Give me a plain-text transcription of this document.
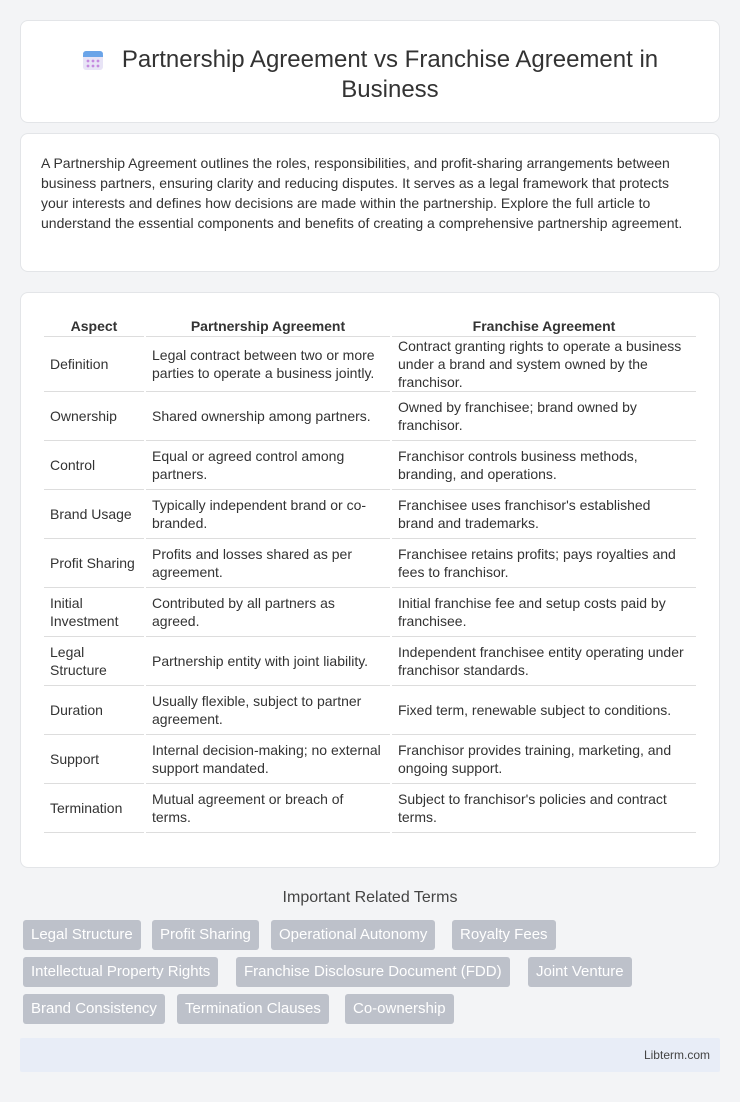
Partnership Agreement vs Franchise Agreement in Business

A Partnership Agreement outlines the roles, responsibilities, and profit-sharing arrangements between business partners, ensuring clarity and reducing disputes. It serves as a legal framework that protects your interests and defines how decisions are made within the partnership. Explore the full article to understand the essential components and benefits of creating a comprehensive partnership agreement.

Aspect	Partnership Agreement	Franchise Agreement
Definition	Legal contract between two or more parties to operate a business jointly.	Contract granting rights to operate a business under a brand and system owned by the franchisor.
Ownership	Shared ownership among partners.	Owned by franchisee; brand owned by franchisor.
Control	Equal or agreed control among partners.	Franchisor controls business methods, branding, and operations.
Brand Usage	Typically independent brand or co-branded.	Franchisee uses franchisor's established brand and trademarks.
Profit Sharing	Profits and losses shared as per agreement.	Franchisee retains profits; pays royalties and fees to franchisor.
Initial Investment	Contributed by all partners as agreed.	Initial franchise fee and setup costs paid by franchisee.
Legal Structure	Partnership entity with joint liability.	Independent franchisee entity operating under franchisor standards.
Duration	Usually flexible, subject to partner agreement.	Fixed term, renewable subject to conditions.
Support	Internal decision-making; no external support mandated.	Franchisor provides training, marketing, and ongoing support.
Termination	Mutual agreement or breach of terms.	Subject to franchisor's policies and contract terms.
Important Related Terms
Legal Structure	Profit Sharing	Operational Autonomy	Royalty Fees
Intellectual Property Rights	Franchise Disclosure Document (FDD)	Joint Venture
Brand Consistency	Termination Clauses	Co-ownership
Libterm.com
